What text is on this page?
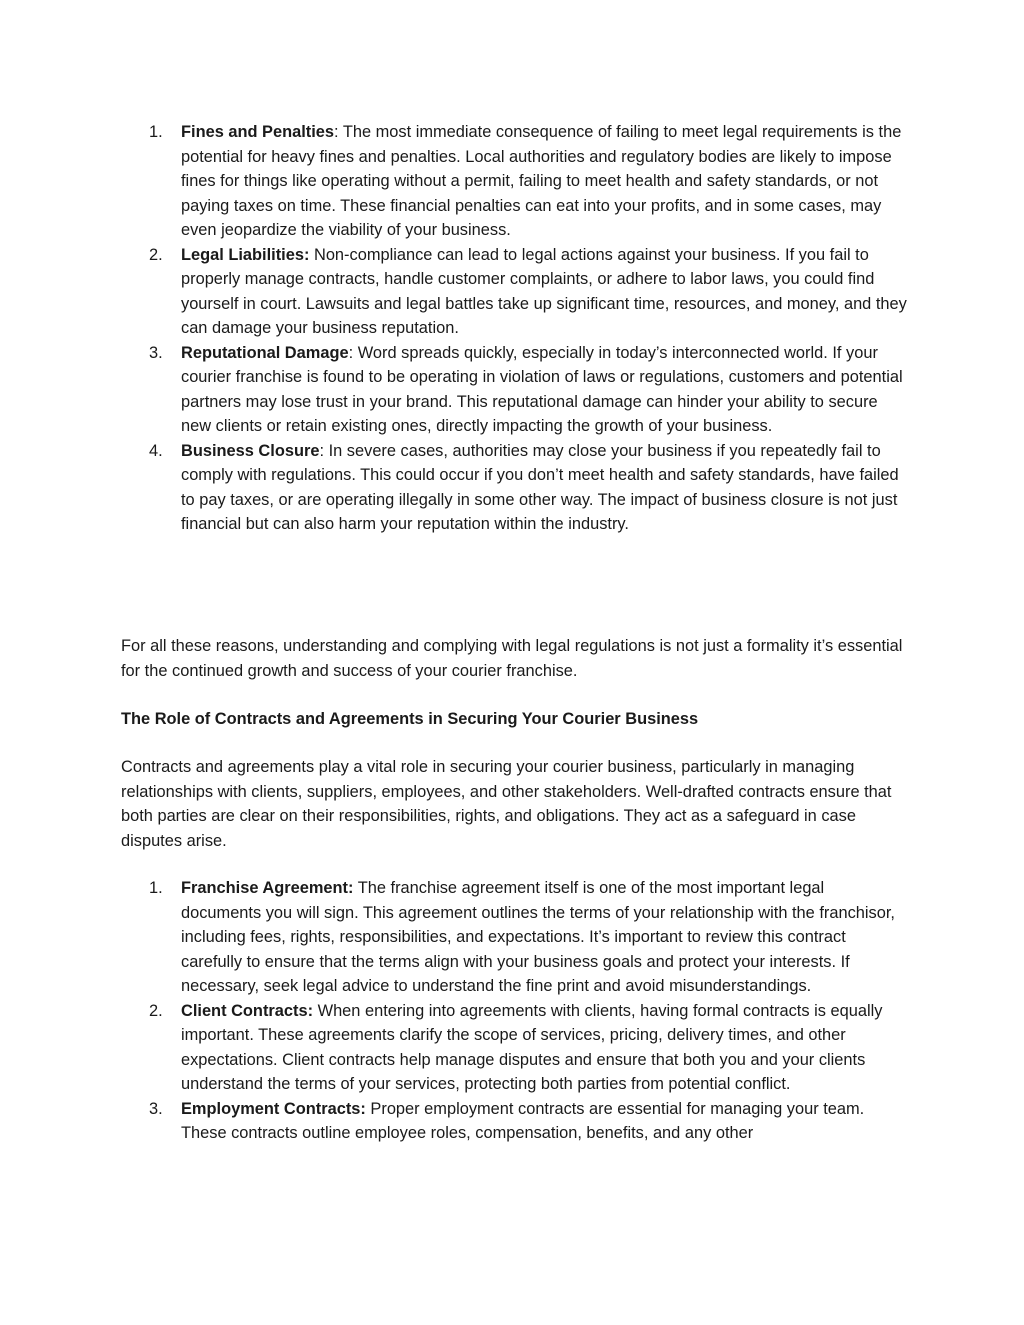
1.	Fines and Penalties: The most immediate consequence of failing to meet legal requirements is the potential for heavy fines and penalties. Local authorities and regulatory bodies are likely to impose fines for things like operating without a permit, failing to meet health and safety standards, or not paying taxes on time. These financial penalties can eat into your profits, and in some cases, may even jeopardize the viability of your business.
2.	Legal Liabilities: Non-compliance can lead to legal actions against your business. If you fail to properly manage contracts, handle customer complaints, or adhere to labor laws, you could find yourself in court. Lawsuits and legal battles take up significant time, resources, and money, and they can damage your business reputation.
3.	Reputational Damage: Word spreads quickly, especially in today’s interconnected world. If your courier franchise is found to be operating in violation of laws or regulations, customers and potential partners may lose trust in your brand. This reputational damage can hinder your ability to secure new clients or retain existing ones, directly impacting the growth of your business.
4.	Business Closure: In severe cases, authorities may close your business if you repeatedly fail to comply with regulations. This could occur if you don’t meet health and safety standards, have failed to pay taxes, or are operating illegally in some other way. The impact of business closure is not just financial but can also harm your reputation within the industry.

For all these reasons, understanding and complying with legal regulations is not just a formality it’s essential for the continued growth and success of your courier franchise.

The Role of Contracts and Agreements in Securing Your Courier Business

Contracts and agreements play a vital role in securing your courier business, particularly in managing relationships with clients, suppliers, employees, and other stakeholders. Well-drafted contracts ensure that both parties are clear on their responsibilities, rights, and obligations. They act as a safeguard in case disputes arise.

1.	Franchise Agreement: The franchise agreement itself is one of the most important legal documents you will sign. This agreement outlines the terms of your relationship with the franchisor, including fees, rights, responsibilities, and expectations. It’s important to review this contract carefully to ensure that the terms align with your business goals and protect your interests. If necessary, seek legal advice to understand the fine print and avoid misunderstandings.
2.	Client Contracts: When entering into agreements with clients, having formal contracts is equally important. These agreements clarify the scope of services, pricing, delivery times, and other expectations. Client contracts help manage disputes and ensure that both you and your clients understand the terms of your services, protecting both parties from potential conflict.
3.	Employment Contracts: Proper employment contracts are essential for managing your team. These contracts outline employee roles, compensation, benefits, and any other
